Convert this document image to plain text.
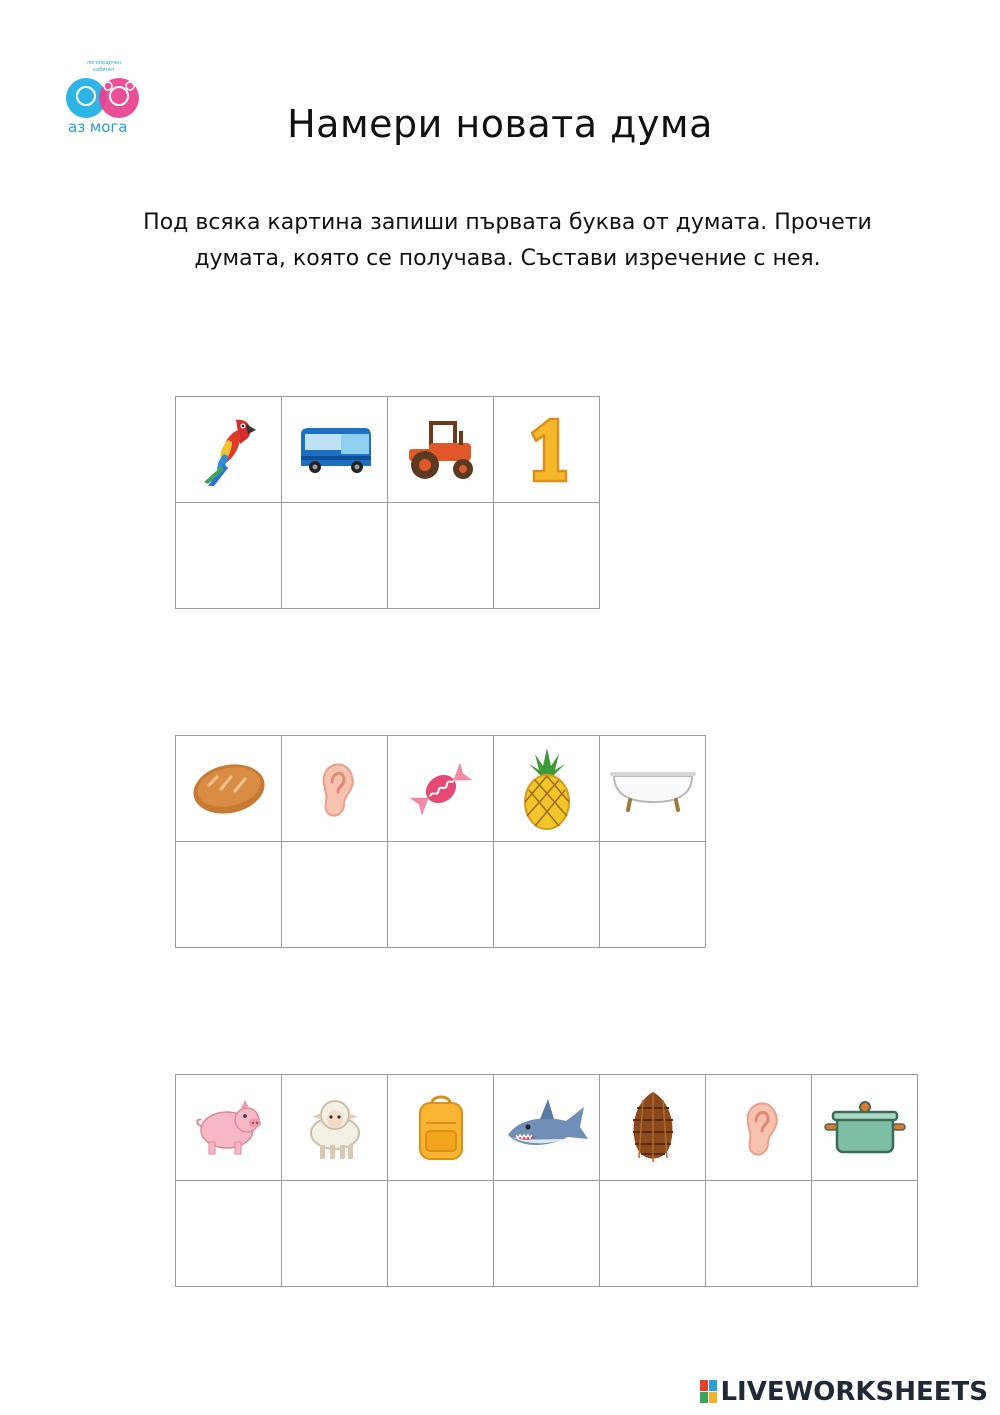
логопедичен
кабинет
аз мога	Намери новата дума
Под всяка картина запиши първата буква от думата. Прочети
думата, която се получава. Състави изречение с нея.

LIVEWORKSHEETS
